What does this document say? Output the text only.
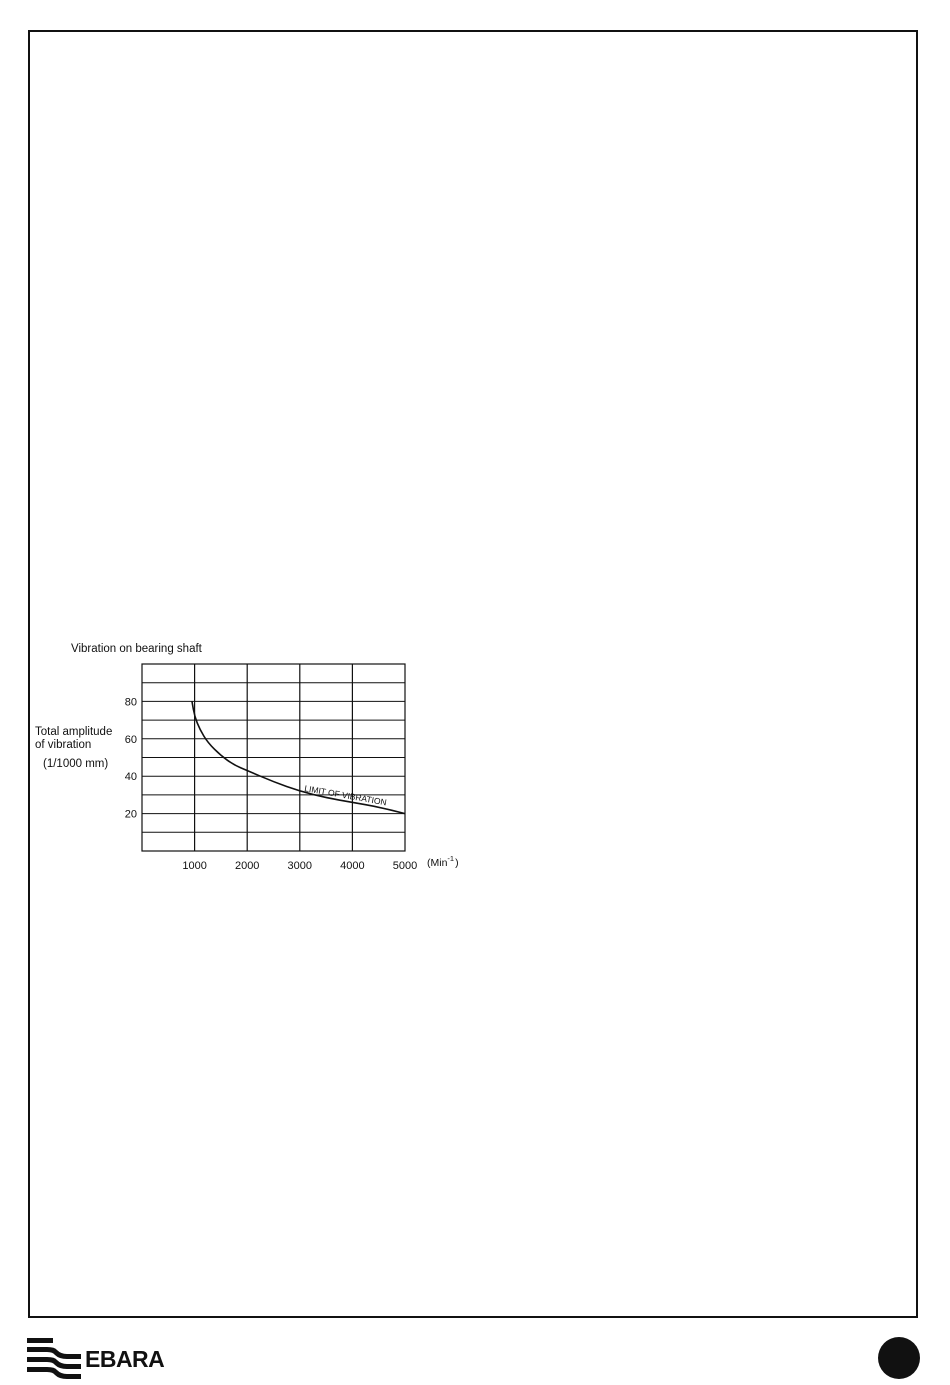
Vibration on bearing shaft
Total amplitude
of vibration
(1/1000 mm)
20
40
60
80
1000	2000	3000	4000	5000 (Min$^{-1}$)
LIMIT OF VIBRATION
EBARA
